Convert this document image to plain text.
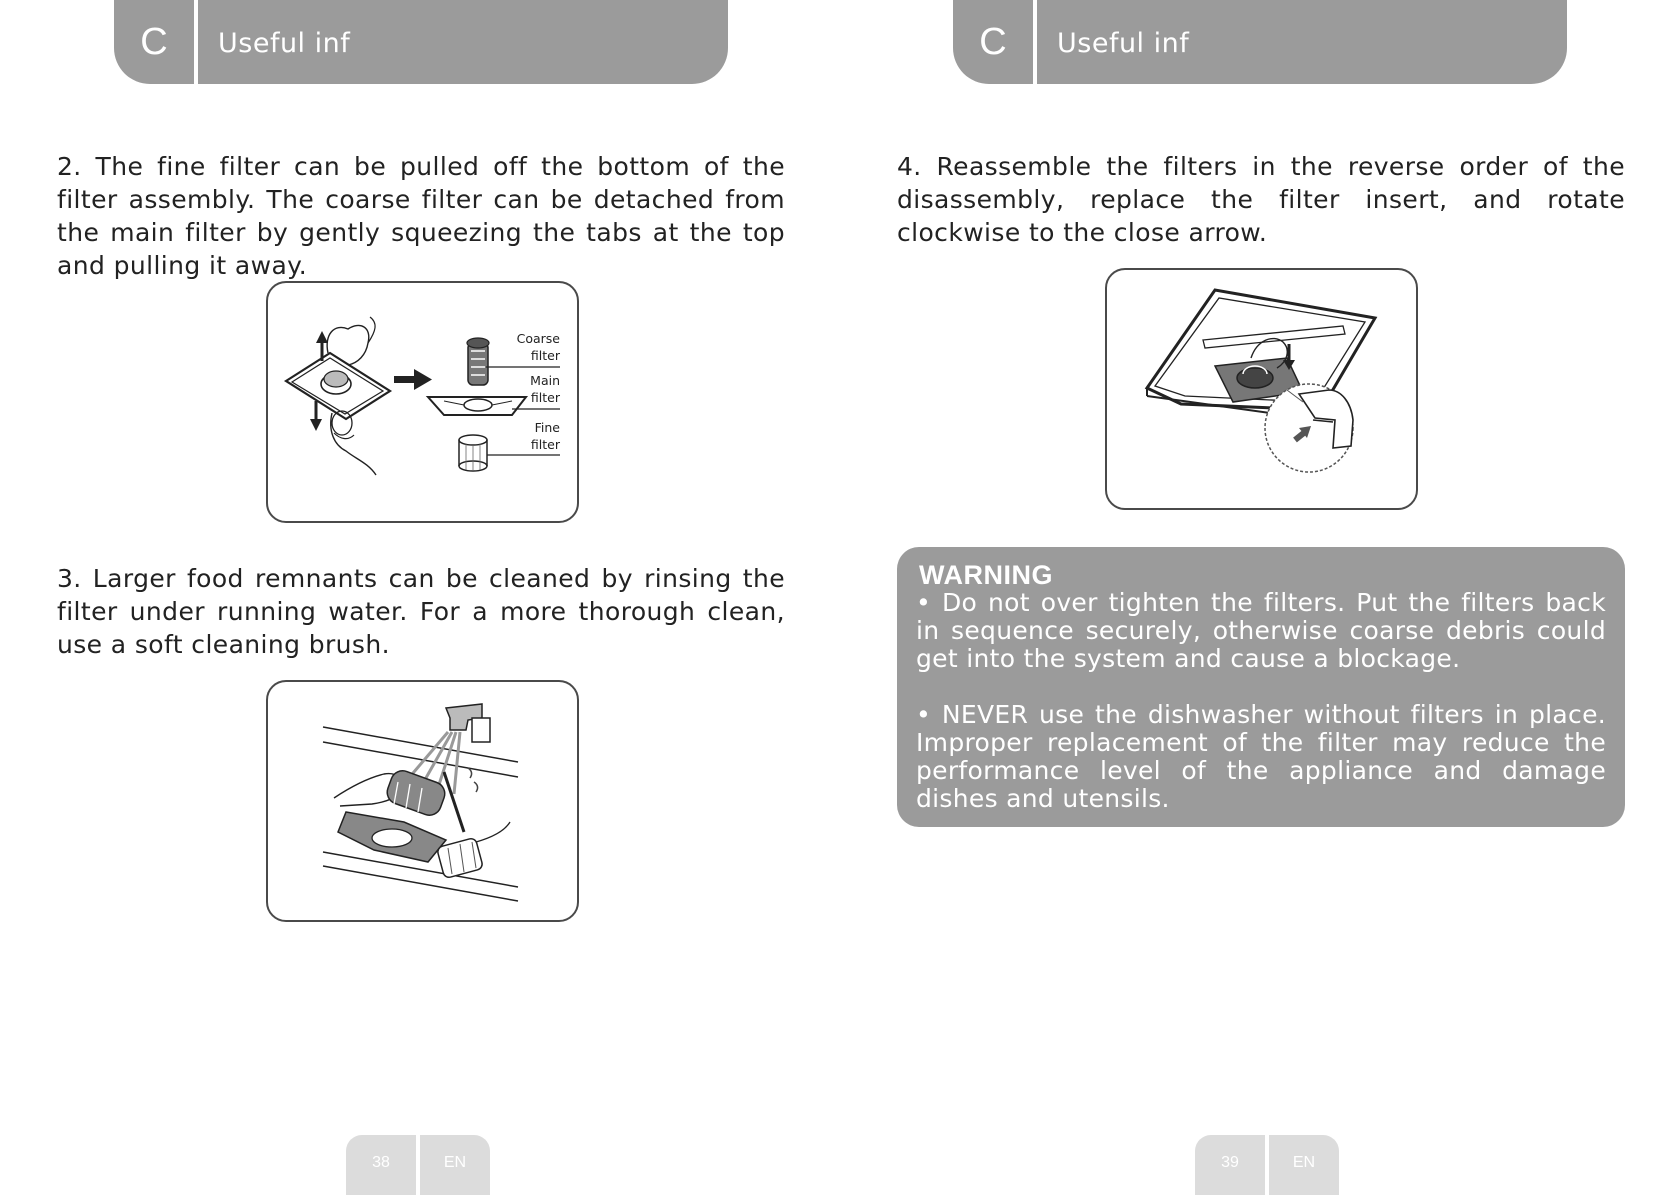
C	Useful inf
2. The fine filter can be pulled off the bottom of the filter assembly. The coarse filter can be detached from the main filter by gently squeezing the tabs at the top and pulling it away.
Coarse
filter
Main
filter
Fine
filter
3. Larger food remnants can be cleaned by rinsing the filter under running water. For a more thorough clean, use a soft cleaning brush.
38	EN
C	Useful inf
4. Reassemble the filters in the reverse order of the disassembly, replace the filter insert, and rotate clockwise to the close arrow.
WARNING
• Do not over tighten the filters. Put the filters back in sequence securely, otherwise coarse debris could get into the system and cause a blockage.
• NEVER use the dishwasher without filters in place. Improper replacement of the filter may reduce the performance level of the appliance and damage dishes and utensils.
39	EN
